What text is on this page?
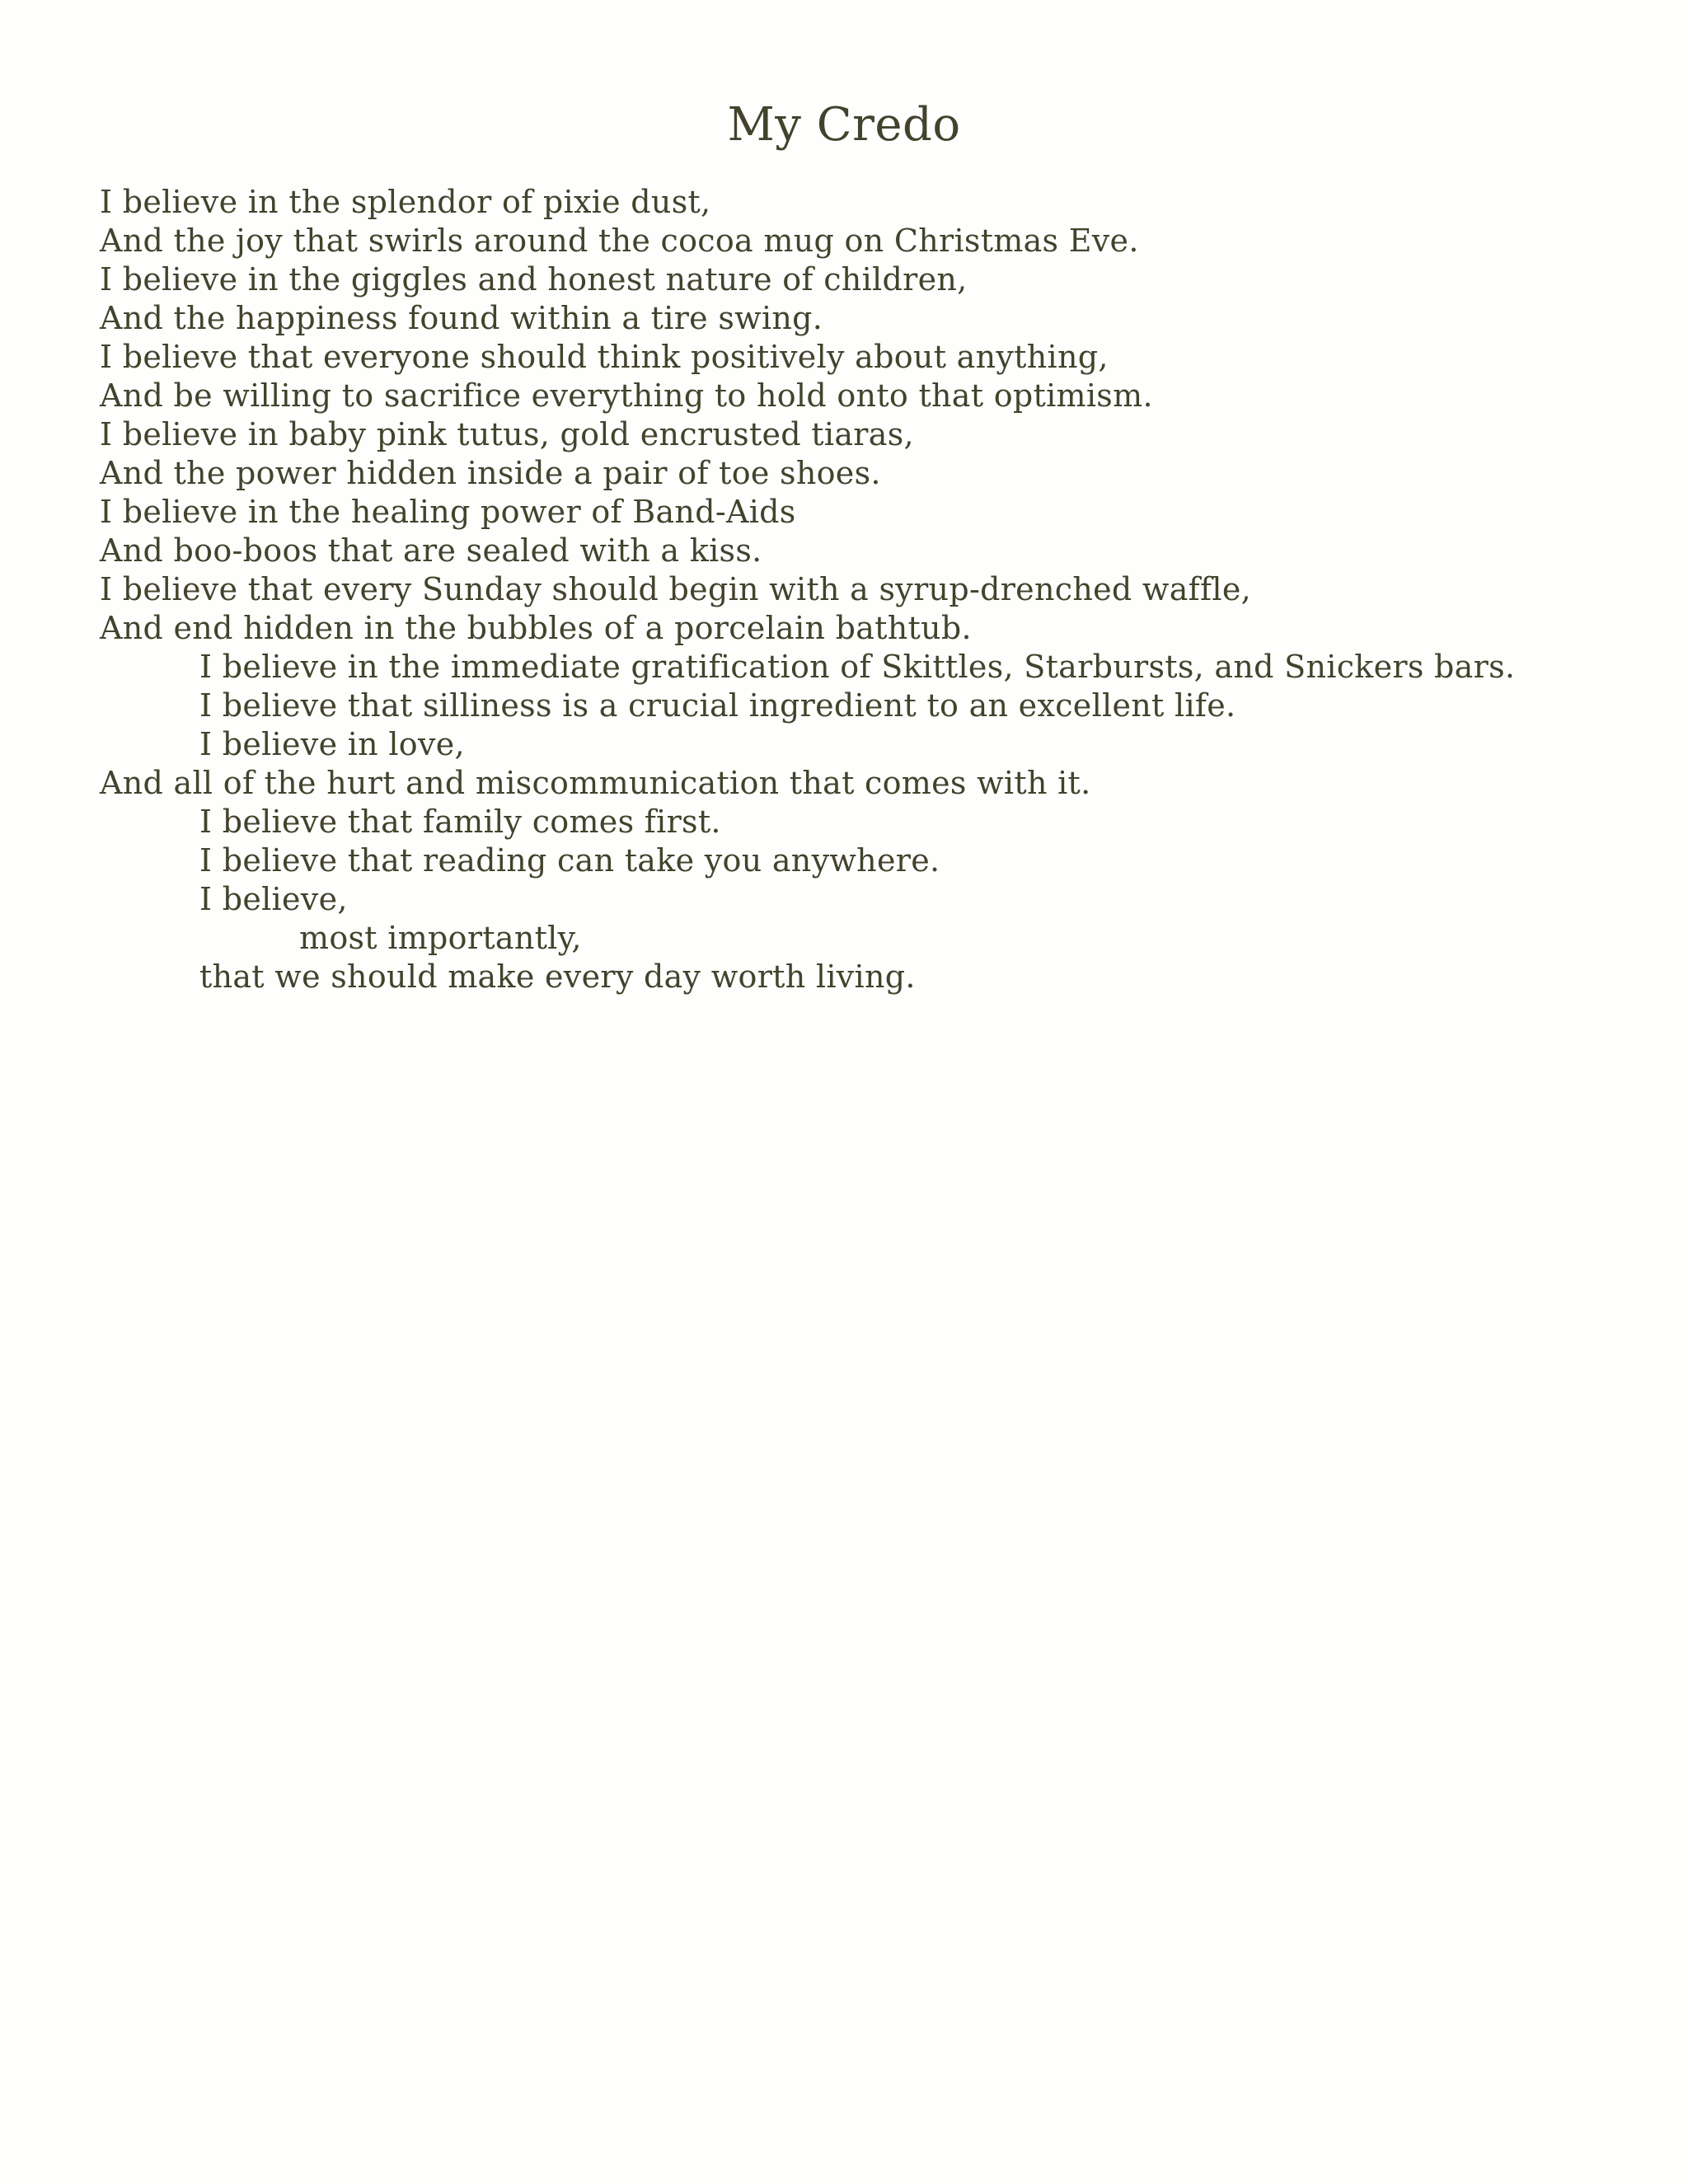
My Credo
I believe in the splendor of pixie dust,
And the joy that swirls around the cocoa mug on Christmas Eve.
I believe in the giggles and honest nature of children,
And the happiness found within a tire swing.
I believe that everyone should think positively about anything,
And be willing to sacrifice everything to hold onto that optimism.
I believe in baby pink tutus, gold encrusted tiaras,
And the power hidden inside a pair of toe shoes.
I believe in the healing power of Band-Aids
And boo-boos that are sealed with a kiss.
I believe that every Sunday should begin with a syrup-drenched waffle,
And end hidden in the bubbles of a porcelain bathtub.
I believe in the immediate gratification of Skittles, Starbursts, and Snickers bars.
I believe that silliness is a crucial ingredient to an excellent life.
I believe in love,
And all of the hurt and miscommunication that comes with it.
I believe that family comes first.
I believe that reading can take you anywhere.
I believe,
most importantly,
that we should make every day worth living.
